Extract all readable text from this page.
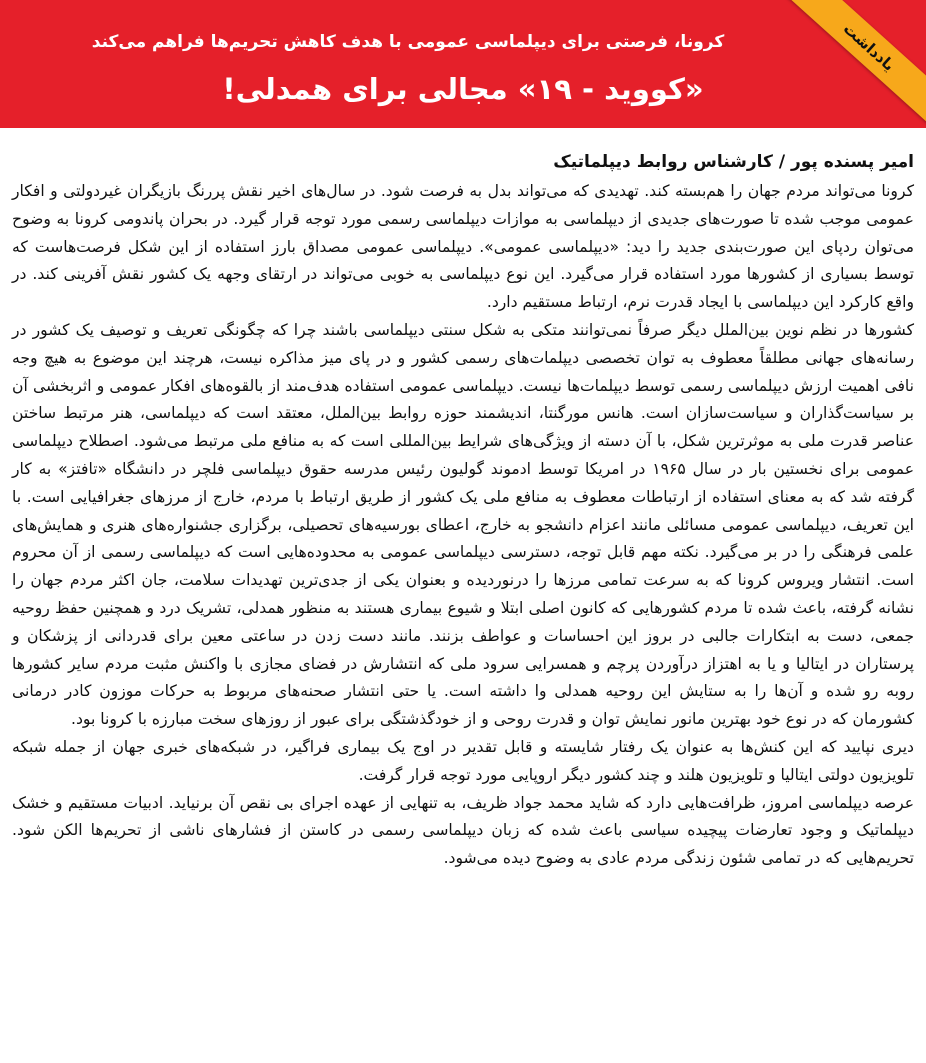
کرونا، فرصتی برای دیپلماسی عمومی با هدف کاهش تحریم‌ها فراهم می‌کند
«کووید - ۱۹» مجالی برای همدلی!
یادداشت
امیر پسنده پور / کارشناس روابط دیپلماتیک

کرونا می‌تواند مردم جهان را هم‌بسته کند. تهدیدی که می‌تواند بدل به فرصت شود. در سال‌های اخیر نقش پررنگ بازیگران غیردولتی و افکار عمومی موجب شده تا صورت‌های جدیدی از دیپلماسی به موازات دیپلماسی رسمی مورد توجه قرار گیرد. در بحران پاندومی کرونا به وضوح می‌توان ردپای این صورت‌بندی جدید را دید: «دیپلماسی عمومی». دیپلماسی عمومی مصداق بارز استفاده از این شکل فرصت‌هاست که توسط بسیاری از کشورها مورد استفاده قرار می‌گیرد. این نوع دیپلماسی به خوبی می‌تواند در ارتقای وجهه یک کشور نقش آفرینی کند. در واقع کارکرد این دیپلماسی با ایجاد قدرت نرم، ارتباط مستقیم دارد.

کشورها در نظم نوین بین‌الملل دیگر صرفاً نمی‌توانند متکی به شکل سنتی دیپلماسی باشند چرا که چگونگی تعریف و توصیف یک کشور در رسانه‌های جهانی مطلقاً معطوف به توان تخصصی دیپلمات‌های رسمی کشور و در پای میز مذاکره نیست، هرچند این موضوع به هیچ وجه نافی اهمیت ارزش دیپلماسی رسمی توسط دیپلمات‌ها نیست. دیپلماسی عمومی استفاده هدف‌مند از بالقوه‌های افکار عمومی و اثربخشی آن بر سیاست‌گذاران و سیاست‌سازان است. هانس مورگنتا، اندیشمند حوزه روابط بین‌الملل، معتقد است که دیپلماسی، هنر مرتبط ساختن عناصر قدرت ملی به موثرترین شکل، با آن دسته از ویژگی‌های شرایط بین‌المللی است که به منافع ملی مرتبط می‌شود. اصطلاح دیپلماسی عمومی برای نخستین بار در سال ۱۹۶۵ در امریکا توسط ادموند گولیون رئیس مدرسه حقوق دیپلماسی فلچر در دانشگاه «تافتز» به کار گرفته شد که به معنای استفاده از ارتباطات معطوف به منافع ملی یک کشور از طریق ارتباط با مردم، خارج از مرزهای جغرافیایی است. با این تعریف، دیپلماسی عمومی مسائلی مانند اعزام دانشجو به خارج، اعطای بورسیه‌های تحصیلی، برگزاری جشنواره‌های هنری و همایش‌های علمی فرهنگی را در بر می‌گیرد. نکته مهم قابل توجه، دسترسی دیپلماسی عمومی به محدوده‌هایی است که دیپلماسی رسمی از آن محروم است. انتشار ویروس کرونا که به سرعت تمامی مرزها را درنوردیده و بعنوان یکی از جدی‌ترین تهدیدات سلامت، جان اکثر مردم جهان را نشانه گرفته، باعث شده تا مردم کشورهایی که کانون اصلی ابتلا و شیوع بیماری هستند به منظور همدلی، تشریک درد و همچنین حفظ روحیه جمعی، دست به ابتکارات جالبی در بروز این احساسات و عواطف بزنند. مانند دست زدن در ساعتی معین برای قدردانی از پزشکان و پرستاران در ایتالیا و یا به اهتزاز درآوردن پرچم و همسرایی سرود ملی که انتشارش در فضای مجازی با واکنش مثبت مردم سایر کشورها روبه رو شده و آن‌ها را به ستایش این روحیه همدلی وا داشته است. یا حتی انتشار صحنه‌های مربوط به حرکات موزون کادر درمانی کشورمان که در نوع خود بهترین مانور نمایش توان و قدرت روحی و از خودگذشتگی برای عبور از روزهای سخت مبارزه با کرونا بود.

دیری نپایید که این کنش‌ها به عنوان یک رفتار شایسته و قابل تقدیر در اوج یک بیماری فراگیر، در شبکه‌های خبری جهان از جمله شبکه تلویزیون دولتی ایتالیا و تلویزیون هلند و چند کشور دیگر اروپایی مورد توجه قرار گرفت.

عرصه دیپلماسی امروز، ظرافت‌هایی دارد که شاید محمد جواد ظریف، به تنهایی از عهده اجرای بی نقص آن برنیاید. ادبیات مستقیم و خشک دیپلماتیک و وجود تعارضات پیچیده سیاسی باعث شده که زبان دیپلماسی رسمی در کاستن از فشارهای ناشی از تحریم‌ها الکن شود. تحریم‌هایی که در تمامی شئون زندگی مردم عادی به وضوح دیده می‌شود.
